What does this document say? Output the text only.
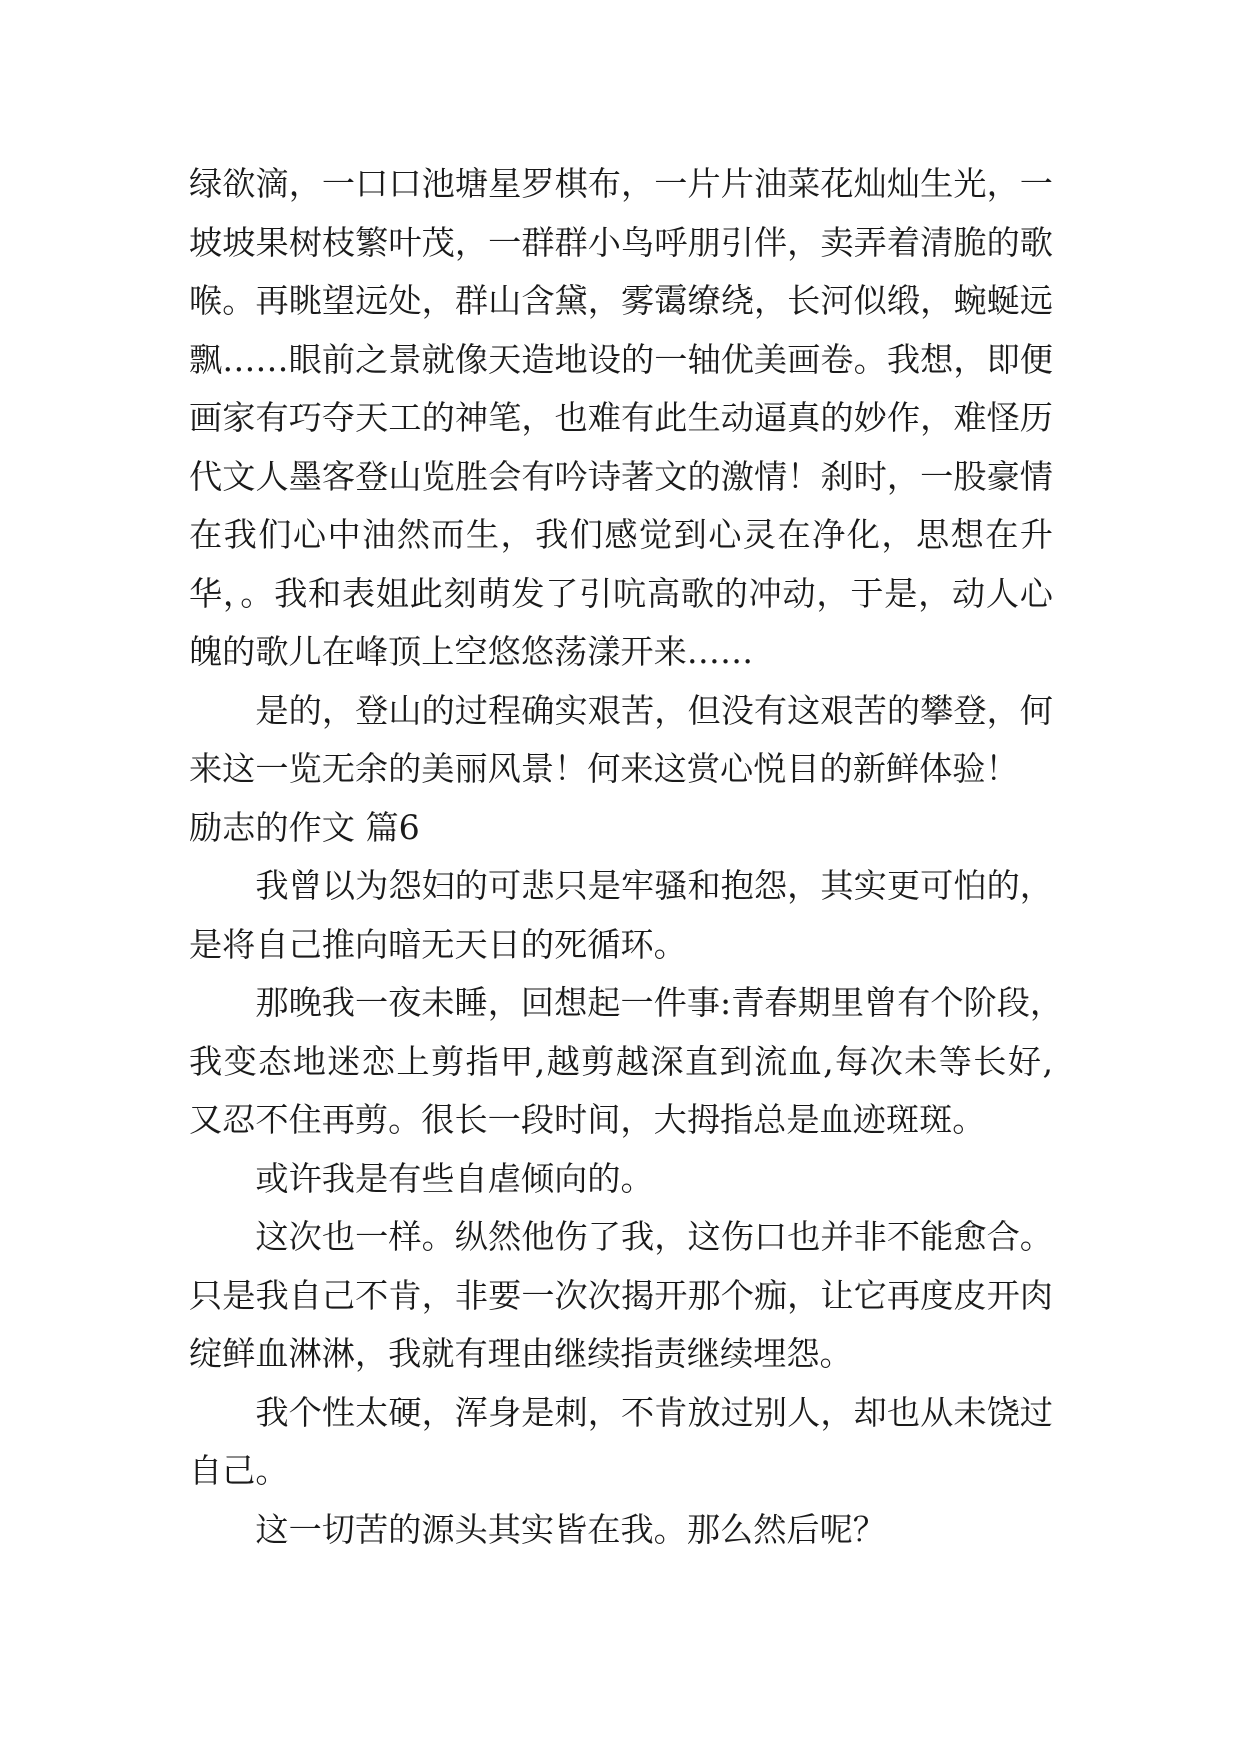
绿欲滴，一口口池塘星罗棋布，一片片油菜花灿灿生光，一
坡坡果树枝繁叶茂，一群群小鸟呼朋引伴，卖弄着清脆的歌
喉。再眺望远处，群山含黛，雾霭缭绕，长河似缎，蜿蜒远
飘……眼前之景就像天造地设的一轴优美画卷。我想，即便
画家有巧夺天工的神笔，也难有此生动逼真的妙作，难怪历
代文人墨客登山览胜会有吟诗著文的激情！刹时，一股豪情
在我们心中油然而生，我们感觉到心灵在净化，思想在升
华，。我和表姐此刻萌发了引吭高歌的冲动，于是，动人心
魄的歌儿在峰顶上空悠悠荡漾开来……
是的，登山的过程确实艰苦，但没有这艰苦的攀登，何
来这一览无余的美丽风景！何来这赏心悦目的新鲜体验！
励志的作文 篇6
我曾以为怨妇的可悲只是牢骚和抱怨，其实更可怕的，
是将自己推向暗无天日的死循环。
那晚我一夜未睡，回想起一件事:青春期里曾有个阶段，
我变态地迷恋上剪指甲,越剪越深直到流血,每次未等长好,
又忍不住再剪。很长一段时间，大拇指总是血迹斑斑。
或许我是有些自虐倾向的。
这次也一样。纵然他伤了我，这伤口也并非不能愈合。
只是我自己不肯，非要一次次揭开那个痂，让它再度皮开肉
绽鲜血淋淋，我就有理由继续指责继续埋怨。
我个性太硬，浑身是刺，不肯放过别人，却也从未饶过
自己。
这一切苦的源头其实皆在我。那么然后呢？
